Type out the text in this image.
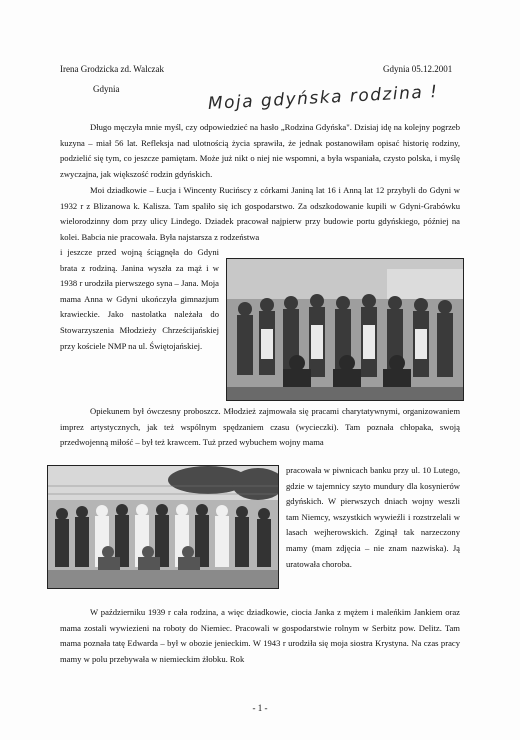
Irena Grodzicka zd. Walczak
Gdynia
Gdynia 05.12.2001
Moja gdyńska rodzina !

Długo męczyła mnie myśl, czy odpowiedzieć na hasło „Rodzina Gdyńska". Dzisiaj idę na kolejny pogrzeb kuzyna – miał 56 lat. Refleksja nad ulotnością życia sprawiła, że jednak postanowiłam opisać historię rodziny, podzielić się tym, co jeszcze pamiętam. Może już nikt o niej nie wspomni, a była wspaniała, czysto polska, i myślę zwyczajna, jak większość rodzin gdyńskich.

Moi dziadkowie – Łucja i Wincenty Rucińscy z córkami Janiną lat 16 i Anną lat 12 przybyli do Gdyni w 1932 r z Blizanowa k. Kalisza. Tam spaliło się ich gospodarstwo. Za odszkodowanie kupili w Gdyni-Grabówku wielorodzinny dom przy ulicy Lindego. Dziadek pracował najpierw przy budowie portu gdyńskiego, później na kolei. Babcia nie pracowała. Była najstarsza z rodzeństwa

i jeszcze przed wojną ściągnęła do Gdyni brata z rodziną. Janina wyszła za mąż i w 1938 r urodziła pierwszego syna – Jana. Moja mama Anna w Gdyni ukończyła gimnazjum krawieckie. Jako nastolatka należała do Stowarzyszenia Młodzieży Chrześcijańskiej przy kościele NMP na ul. Świętojańskiej.

Opiekunem był ówczesny proboszcz. Młodzież zajmowała się pracami charytatywnymi, organizowaniem imprez artystycznych, jak też wspólnym spędzaniem czasu (wycieczki). Tam poznała chłopaka, swoją przedwojenną miłość – był też krawcem. Tuż przed wybuchem wojny mama

pracowała w piwnicach banku przy ul. 10 Lutego, gdzie w tajemnicy szyto mundury dla kosynierów gdyńskich. W pierwszych dniach wojny weszli tam Niemcy, wszystkich wywieźli i rozstrzelali w lasach wejherowskich. Zginął tak narzeczony mamy (mam zdjęcia – nie znam nazwiska). Ją uratowała choroba.

W październiku 1939 r cała rodzina, a więc dziadkowie, ciocia Janka z mężem i maleńkim Jankiem oraz mama zostali wywiezieni na roboty do Niemiec. Pracowali w gospodarstwie rolnym w Serbitz pow. Delitz. Tam mama poznała tatę Edwarda – był w obozie jenieckim. W 1943 r urodziła się moja siostra Krystyna. Na czas pracy mamy w polu przebywała w niemieckim żłobku. Rok

- 1 -
